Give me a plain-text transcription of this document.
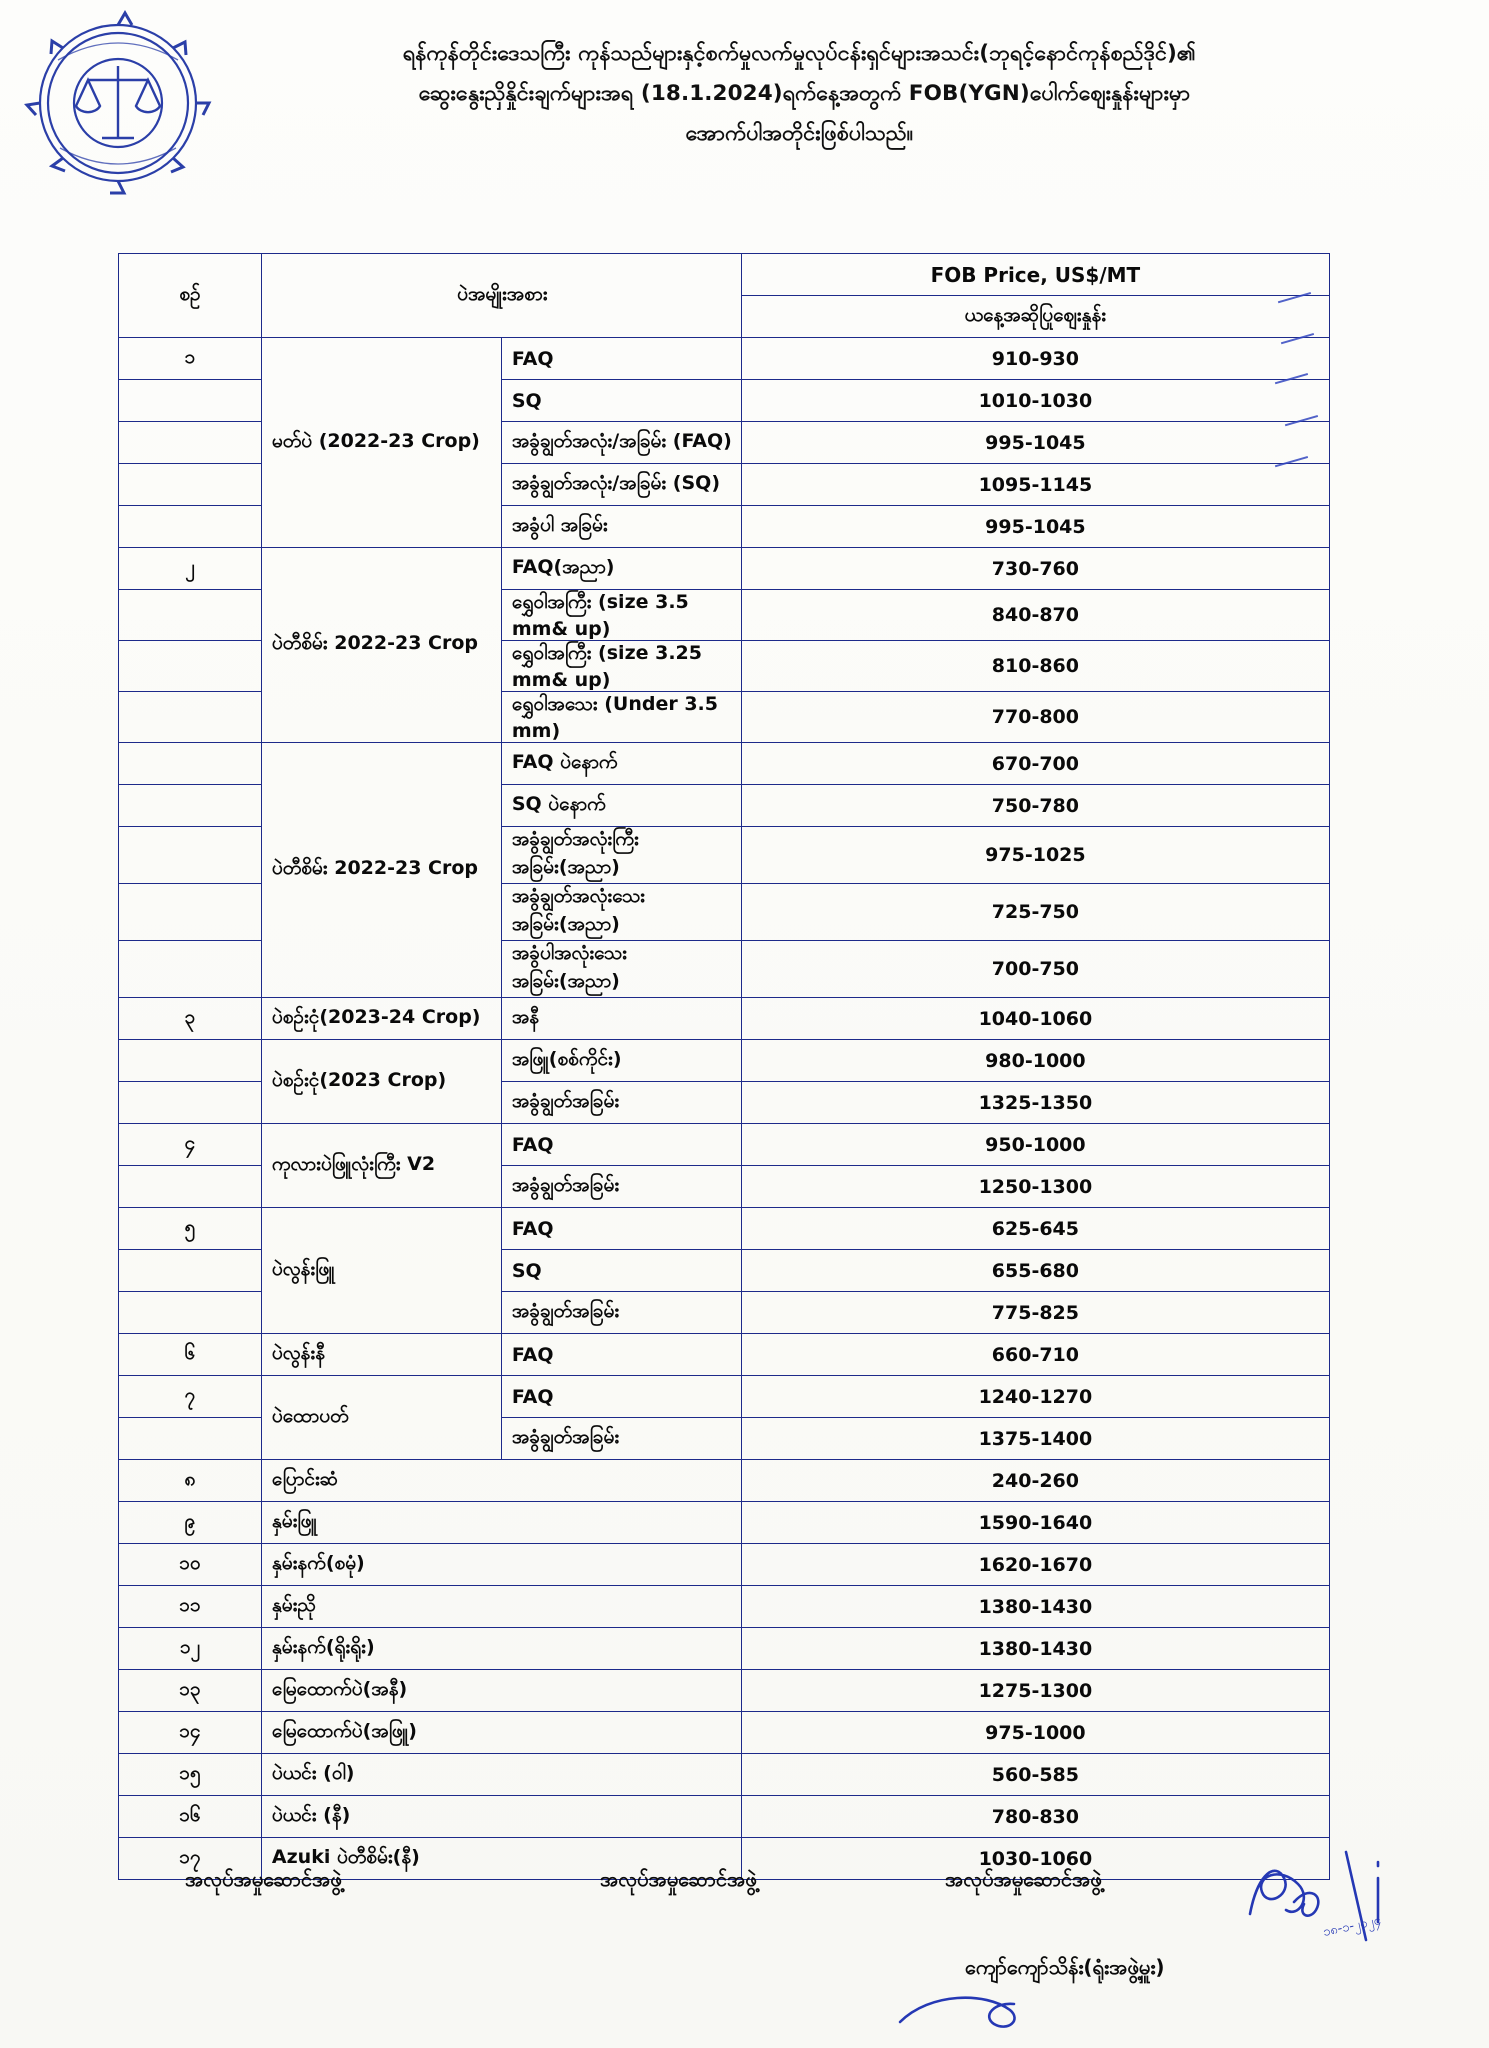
ရန်ကုန်တိုင်းဒေသကြီး ကုန်သည်များနှင့်စက်မှုလက်မှုလုပ်ငန်းရှင်များအသင်း(ဘုရင့်နောင်ကုန်စည်ဒိုင်)၏
ဆွေးနွေးညှိနှိုင်းချက်များအရ (18.1.2024)ရက်နေ့အတွက် FOB(YGN)ပေါက်ဈေးနှုန်းများမှာ
အောက်ပါအတိုင်းဖြစ်ပါသည်။
စဉ်	ပဲအမျိုးအစား		FOB Price, US$/MT
			ယနေ့အဆိုပြုဈေးနှုန်း
၁	မတ်ပဲ (2022-23 Crop)	FAQ	910-930
		SQ	1010-1030
		အခွံချွတ်အလုံး/အခြမ်း (FAQ)	995-1045
		အခွံချွတ်အလုံး/အခြမ်း (SQ)	1095-1145
		အခွံပါ အခြမ်း	995-1045
၂	ပဲတီစိမ်း 2022-23 Crop	FAQ(အညာ)	730-760
		ရွှေဝါအကြီး (size 3.5 mm& up)	840-870
		ရွှေဝါအကြီး (size 3.25 mm& up)	810-860
		ရွှေဝါအသေး (Under 3.5 mm)	770-800
	ပဲတီစိမ်း 2022-23 Crop	FAQ ပဲနောက်	670-700
		SQ ပဲနောက်	750-780
		အခွံချွတ်အလုံးကြီးအခြမ်း(အညာ)	975-1025
		အခွံချွတ်အလုံးသေးအခြမ်း(အညာ)	725-750
		အခွံပါအလုံးသေးအခြမ်း(အညာ)	700-750
၃	ပဲစဉ်းငုံ(2023-24 Crop)	အနီ	1040-1060
	ပဲစဉ်းငုံ(2023 Crop)	အဖြူ(စစ်ကိုင်း)	980-1000
		အခွံချွတ်အခြမ်း	1325-1350
၄	ကုလားပဲဖြူလုံးကြီး V2	FAQ	950-1000
		အခွံချွတ်အခြမ်း	1250-1300
၅	ပဲလွန်းဖြူ	FAQ	625-645
		SQ	655-680
		အခွံချွတ်အခြမ်း	775-825
၆	ပဲလွန်းနီ	FAQ	660-710
၇	ပဲထောပတ်	FAQ	1240-1270
		အခွံချွတ်အခြမ်း	1375-1400
၈	ပြောင်းဆံ		240-260
၉	နှမ်းဖြူ		1590-1640
၁၀	နှမ်းနက်(စမုံ)		1620-1670
၁၁	နှမ်းညို		1380-1430
၁၂	နှမ်းနက်(ရိုးရိုး)		1380-1430
၁၃	မြေထောက်ပဲ(အနီ)		1275-1300
၁၄	မြေထောက်ပဲ(အဖြူ)		975-1000
၁၅	ပဲယင်း (ဝါ)		560-585
၁၆	ပဲယင်း (နီ)		780-830
၁၇	Azuki ပဲတီစိမ်း(နီ)		1030-1060
အလုပ်အမှုဆောင်အဖွဲ့	အလုပ်အမှုဆောင်အဖွဲ့	အလုပ်အမှုဆောင်အဖွဲ့
ကျော်ကျော်သိန်း(ရုံးအဖွဲ့မှူး)
၁၈-၁-၂၀၂၄
